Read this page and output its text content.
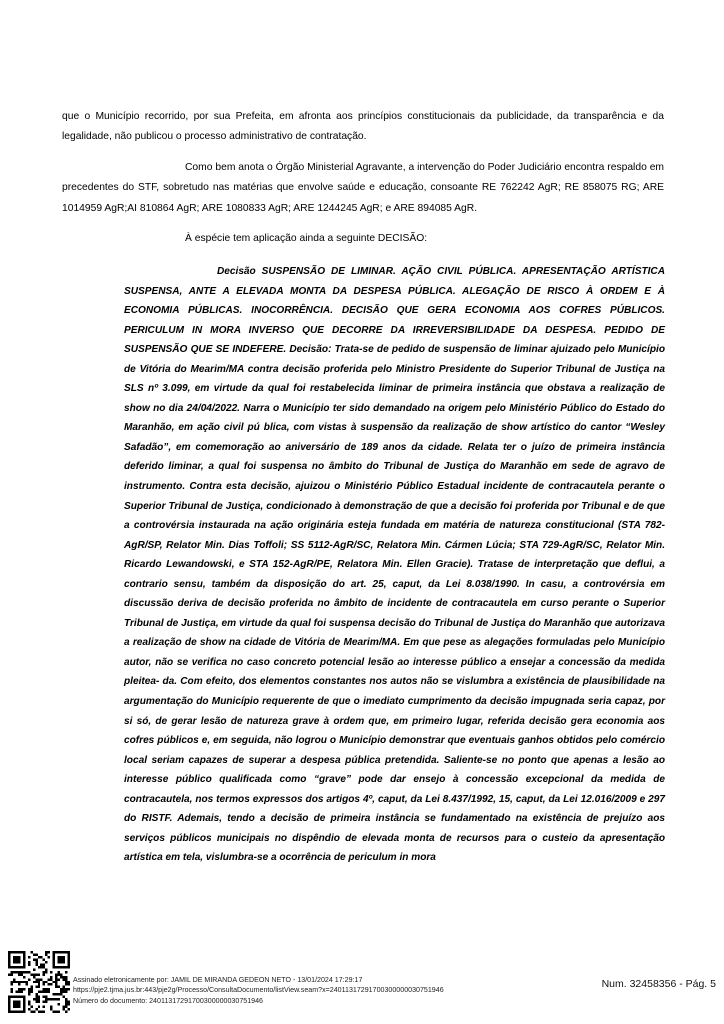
que o Município recorrido, por sua Prefeita, em afronta aos princípios constitucionais da publicidade, da transparência e da legalidade, não publicou o processo administrativo de contratação.

Como bem anota o Órgão Ministerial Agravante, a intervenção do Poder Judiciário encontra respaldo em precedentes do STF, sobretudo nas matérias que envolve saúde e educação, consoante RE 762242 AgR; RE 858075 RG; ARE 1014959 AgR;AI 810864 AgR; ARE 1080833 AgR; ARE 1244245 AgR; e ARE 894085 AgR.

À espécie tem aplicação ainda a seguinte DECISÃO:

Decisão SUSPENSÃO DE LIMINAR. AÇÃO CIVIL PÚBLICA. APRESENTAÇÃO ARTÍSTICA SUSPENSA, ANTE A ELEVADA MONTA DA DESPESA PÚBLICA. ALEGAÇÃO DE RISCO À ORDEM E À ECONOMIA PÚBLICAS. INOCORRÊNCIA. DECISÃO QUE GERA ECONOMIA AOS COFRES PÚBLICOS. PERICULUM IN MORA INVERSO QUE DECORRE DA IRREVERSIBILIDADE DA DESPESA. PEDIDO DE SUSPENSÃO QUE SE INDEFERE. Decisão: Trata-se de pedido de suspensão de liminar ajuizado pelo Município de Vitória do Mearim/MA contra decisão proferida pelo Ministro Presidente do Superior Tribunal de Justiça na SLS nº 3.099, em virtude da qual foi restabelecida liminar de primeira instância que obstava a realização de show no dia 24/04/2022. Narra o Município ter sido demandado na origem pelo Ministério Público do Estado do Maranhão, em ação civil pú blica, com vistas à suspensão da realização de show artístico do cantor “Wesley Safadão”, em comemoração ao aniversário de 189 anos da cidade. Relata ter o juízo de primeira instância deferido liminar, a qual foi suspensa no âmbito do Tribunal de Justiça do Maranhão em sede de agravo de instrumento. Contra esta decisão, ajuizou o Ministério Público Estadual incidente de contracautela perante o Superior Tribunal de Justiça, condicionado à demonstração de que a decisão foi proferida por Tribunal e de que a controvérsia instaurada na ação originária esteja fundada em matéria de natureza constitucional (STA 782-AgR/SP, Relator Min. Dias Toffoli; SS 5112-AgR/SC, Relatora Min. Cármen Lúcia; STA 729-AgR/SC, Relator Min. Ricardo Lewandowski, e STA 152-AgR/PE, Relatora Min. Ellen Gracie). Tratase de interpretação que deflui, a contrario sensu, também da disposição do art. 25, caput, da Lei 8.038/1990. In casu, a controvérsia em discussão deriva de decisão proferida no âmbito de incidente de contracautela em curso perante o Superior Tribunal de Justiça, em virtude da qual foi suspensa decisão do Tribunal de Justiça do Maranhão que autorizava a realização de show na cidade de Vitória de Mearim/MA. Em que pese as alegações formuladas pelo Município autor, não se verifica no caso concreto potencial lesão ao interesse público a ensejar a concessão da medida pleitea- da. Com efeito, dos elementos constantes nos autos não se vislumbra a existência de plausibilidade na argumentação do Município requerente de que o imediato cumprimento da decisão impugnada seria capaz, por si só, de gerar lesão de natureza grave à ordem que, em primeiro lugar, referida decisão gera economia aos cofres públicos e, em seguida, não logrou o Município demonstrar que eventuais ganhos obtidos pelo comércio local seriam capazes de superar a despesa pública pretendida. Saliente-se no ponto que apenas a lesão ao interesse público qualificada como “grave” pode dar ensejo à concessão excepcional da medida de contracautela, nos termos expressos dos artigos 4º, caput, da Lei 8.437/1992, 15, caput, da Lei 12.016/2009 e 297 do RISTF. Ademais, tendo a decisão de primeira instância se fundamentado na existência de prejuízo aos serviços públicos municipais no dispêndio de elevada monta de recursos para o custeio da apresentação artística em tela, vislumbra-se a ocorrência de periculum in mora

Assinado eletronicamente por: JAMIL DE MIRANDA GEDEON NETO - 13/01/2024 17:29:17
https://pje2.tjma.jus.br:443/pje2g/Processo/ConsultaDocumento/listView.seam?x=24011317291700300000030751946
Número do documento: 24011317291700300000030751946
Num. 32458356 - Pág. 5
